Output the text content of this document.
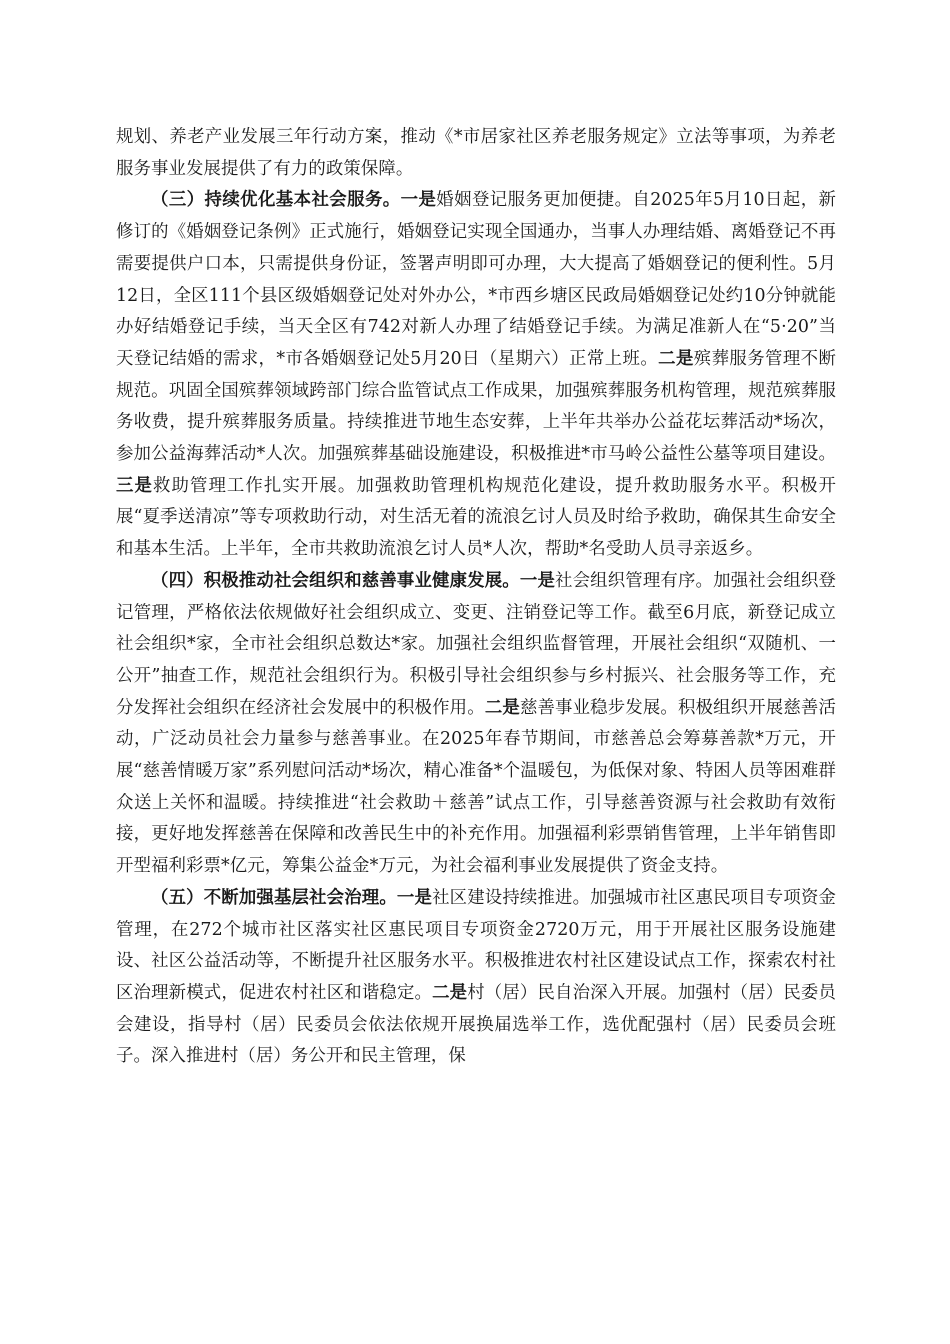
规划、养老产业发展三年行动方案，推动《*市居家社区养老服务规定》立法等事项，为养老服务事业发展提供了有力的政策保障。

（三）持续优化基本社会服务。一是婚姻登记服务更加便捷。自2025年5月10日起，新修订的《婚姻登记条例》正式施行，婚姻登记实现全国通办，当事人办理结婚、离婚登记不再需要提供户口本，只需提供身份证，签署声明即可办理，大大提高了婚姻登记的便利性。5月12日，全区111个县区级婚姻登记处对外办公，*市西乡塘区民政局婚姻登记处约10分钟就能办好结婚登记手续，当天全区有742对新人办理了结婚登记手续。为满足准新人在“5·20”当天登记结婚的需求，*市各婚姻登记处5月20日（星期六）正常上班。二是殡葬服务管理不断规范。巩固全国殡葬领域跨部门综合监管试点工作成果，加强殡葬服务机构管理，规范殡葬服务收费，提升殡葬服务质量。持续推进节地生态安葬，上半年共举办公益花坛葬活动*场次，参加公益海葬活动*人次。加强殡葬基础设施建设，积极推进*市马岭公益性公墓等项目建设。三是救助管理工作扎实开展。加强救助管理机构规范化建设，提升救助服务水平。积极开展“夏季送清凉”等专项救助行动，对生活无着的流浪乞讨人员及时给予救助，确保其生命安全和基本生活。上半年，全市共救助流浪乞讨人员*人次，帮助*名受助人员寻亲返乡。

（四）积极推动社会组织和慈善事业健康发展。一是社会组织管理有序。加强社会组织登记管理，严格依法依规做好社会组织成立、变更、注销登记等工作。截至6月底，新登记成立社会组织*家，全市社会组织总数达*家。加强社会组织监督管理，开展社会组织“双随机、一公开”抽查工作，规范社会组织行为。积极引导社会组织参与乡村振兴、社会服务等工作，充分发挥社会组织在经济社会发展中的积极作用。二是慈善事业稳步发展。积极组织开展慈善活动，广泛动员社会力量参与慈善事业。在2025年春节期间，市慈善总会筹募善款*万元，开展“慈善情暖万家”系列慰问活动*场次，精心准备*个温暖包，为低保对象、特困人员等困难群众送上关怀和温暖。持续推进“社会救助＋慈善”试点工作，引导慈善资源与社会救助有效衔接，更好地发挥慈善在保障和改善民生中的补充作用。加强福利彩票销售管理，上半年销售即开型福利彩票*亿元，筹集公益金*万元，为社会福利事业发展提供了资金支持。

（五）不断加强基层社会治理。一是社区建设持续推进。加强城市社区惠民项目专项资金管理，在272个城市社区落实社区惠民项目专项资金2720万元，用于开展社区服务设施建设、社区公益活动等，不断提升社区服务水平。积极推进农村社区建设试点工作，探索农村社区治理新模式，促进农村社区和谐稳定。二是村（居）民自治深入开展。加强村（居）民委员会建设，指导村（居）民委员会依法依规开展换届选举工作，选优配强村（居）民委员会班子。深入推进村（居）务公开和民主管理，保
